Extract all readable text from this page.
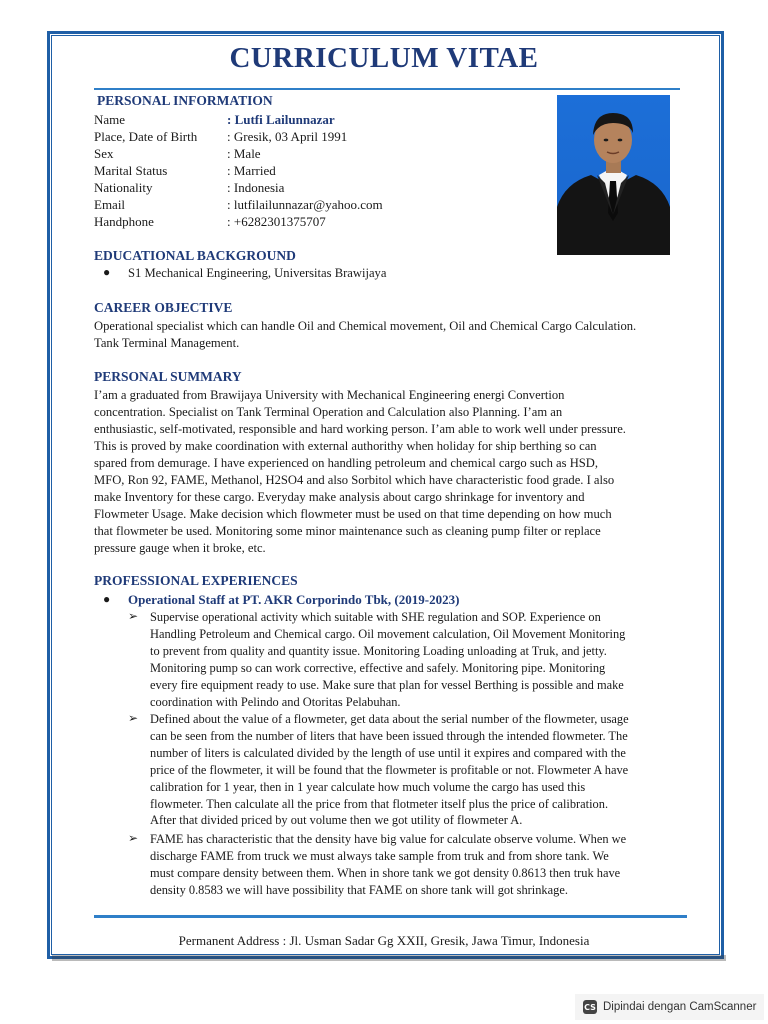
CURRICULUM VITAE
PERSONAL INFORMATION
Name	: Lutfi Lailunnazar
Place, Date of Birth : Gresik, 03 April 1991
Sex	: Male
Marital Status	: Married
Nationality	: Indonesia
Email	: lutfilailunnazar@yahoo.com
Handphone	: +6282301375707
EDUCATIONAL BACKGROUND
● S1 Mechanical Engineering, Universitas Brawijaya
CAREER OBJECTIVE
Operational specialist which can handle Oil and Chemical movement, Oil and Chemical Cargo Calculation.
Tank Terminal Management.
PERSONAL SUMMARY
I’am a graduated from Brawijaya University with Mechanical Engineering energi Convertion
concentration. Specialist on Tank Terminal Operation and Calculation also Planning. I’am an
enthusiastic, self-motivated, responsible and hard working person. I’am able to work well under pressure.
This is proved by make coordination with external authorithy when holiday for ship berthing so can
spared from demurage. I have experienced on handling petroleum and chemical cargo such as HSD,
MFO, Ron 92, FAME, Methanol, H2SO4 and also Sorbitol which have characteristic food grade. I also
make Inventory for these cargo. Everyday make analysis about cargo shrinkage for inventory and
Flowmeter Usage. Make decision which flowmeter must be used on that time depending on how much
that flowmeter be used. Monitoring some minor maintenance such as cleaning pump filter or replace
pressure gauge when it broke, etc.
PROFESSIONAL EXPERIENCES
● Operational Staff at PT. AKR Corporindo Tbk, (2019-2023)
➢ Supervise operational activity which suitable with SHE regulation and SOP. Experience on
Handling Petroleum and Chemical cargo. Oil movement calculation, Oil Movement Monitoring
to prevent from quality and quantity issue. Monitoring Loading unloading at Truk, and jetty.
Monitoring pump so can work corrective, effective and safely. Monitoring pipe. Monitoring
every fire equipment ready to use. Make sure that plan for vessel Berthing is possible and make
coordination with Pelindo and Otoritas Pelabuhan.
➢ Defined about the value of a flowmeter, get data about the serial number of the flowmeter, usage
can be seen from the number of liters that have been issued through the intended flowmeter. The
number of liters is calculated divided by the length of use until it expires and compared with the
price of the flowmeter, it will be found that the flowmeter is profitable or not. Flowmeter A have
calibration for 1 year, then in 1 year calculate how much volume the cargo has used this
flowmeter. Then calculate all the price from that flotmeter itself plus the price of calibration.
After that divided priced by out volume then we got utility of flowmeter A.
➢ FAME has characteristic that the density have big value for calculate observe volume. When we
discharge FAME from truck we must always take sample from truk and from shore tank. We
must compare density between them. When in shore tank we got density 0.8613 then truk have
density 0.8583 we will have possibility that FAME on shore tank will got shrinkage.
Permanent Address : Jl. Usman Sadar Gg XXII, Gresik, Jawa Timur, Indonesia
CS Dipindai dengan CamScanner
